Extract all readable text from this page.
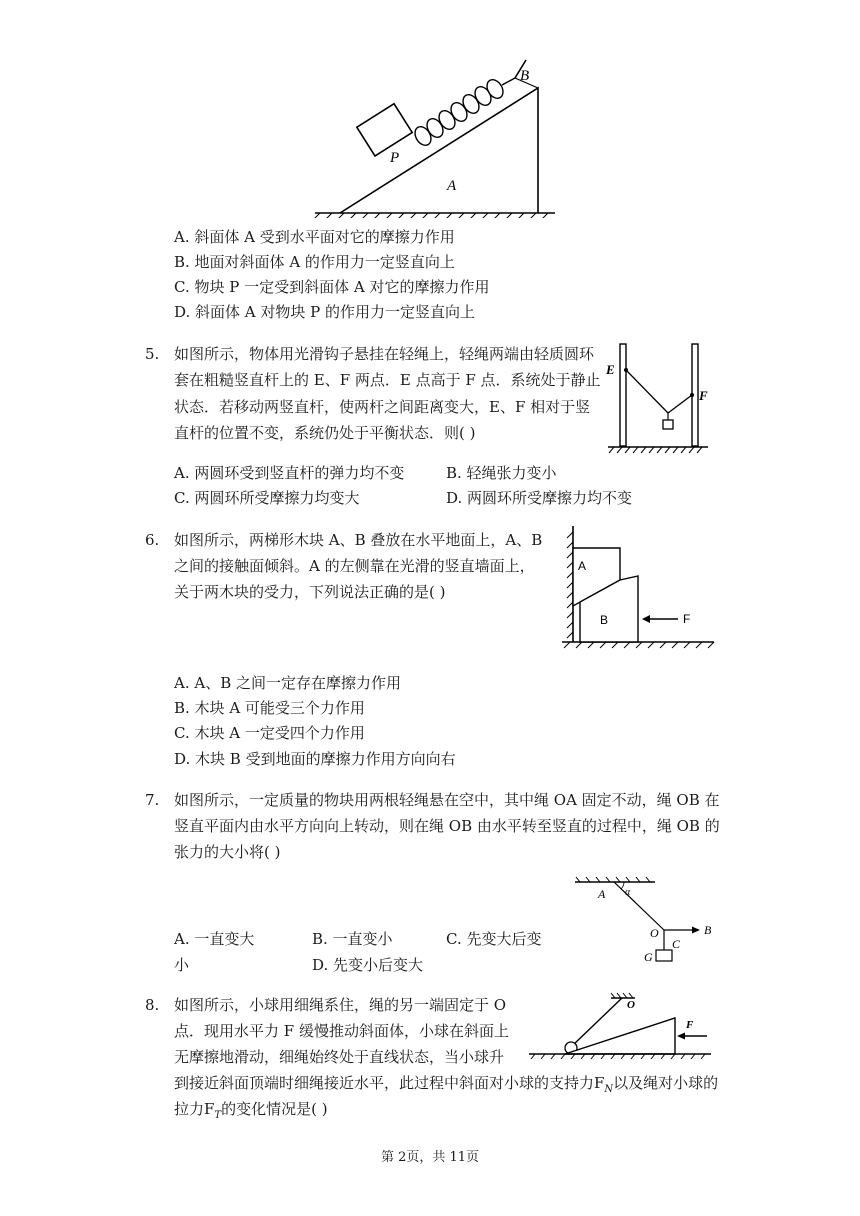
B
P
A
A. 斜面体 A 受到水平面对它的摩擦力作用
B. 地面对斜面体 A 的作用力一定竖直向上
C. 物块 P 一定受到斜面体 A 对它的摩擦力作用
D. 斜面体 A 对物块 P 的作用力一定竖直向上
5. 如图所示，物体用光滑钩子悬挂在轻绳上，轻绳两端由轻质圆环
套在粗糙竖直杆上的 E、F 两点．E 点高于 F 点．系统处于静止
状态．若移动两竖直杆，使两杆之间距离变大，E、F 相对于竖
直杆的位置不变，系统仍处于平衡状态．则( )
E
F
A. 两圆环受到竖直杆的弹力均不变	B. 轻绳张力变小
C. 两圆环所受摩擦力均变大	D. 两圆环所受摩擦力均不变
6. 如图所示，两梯形木块 A、B 叠放在水平地面上，A、B
之间的接触面倾斜。A 的左侧靠在光滑的竖直墙面上，
关于两木块的受力，下列说法正确的是( )
A
B	F
A. A、B 之间一定存在摩擦力作用
B. 木块 A 可能受三个力作用
C. 木块 A 一定受四个力作用
D. 木块 B 受到地面的摩擦力作用方向向右
7. 如图所示，一定质量的物块用两根轻绳悬在空中，其中绳 OA 固定不动，绳 OB 在
竖直平面内由水平方向向上转动，则在绳 OB 由水平转至竖直的过程中，绳 OB 的
张力的大小将( )
A α
O	B
C
G
A. 一直变大	B. 一直变小	C. 先变大后变
小	D. 先变小后变大
8. 如图所示，小球用细绳系住，绳的另一端固定于 O
点．现用水平力 F 缓慢推动斜面体，小球在斜面上
无摩擦地滑动，细绳始终处于直线状态，当小球升
到接近斜面顶端时细绳接近水平，此过程中斜面对小球的支持力$F_N$以及绳对小球的
拉力$F_T$的变化情况是( )
O
F
第 2页，共 11页
